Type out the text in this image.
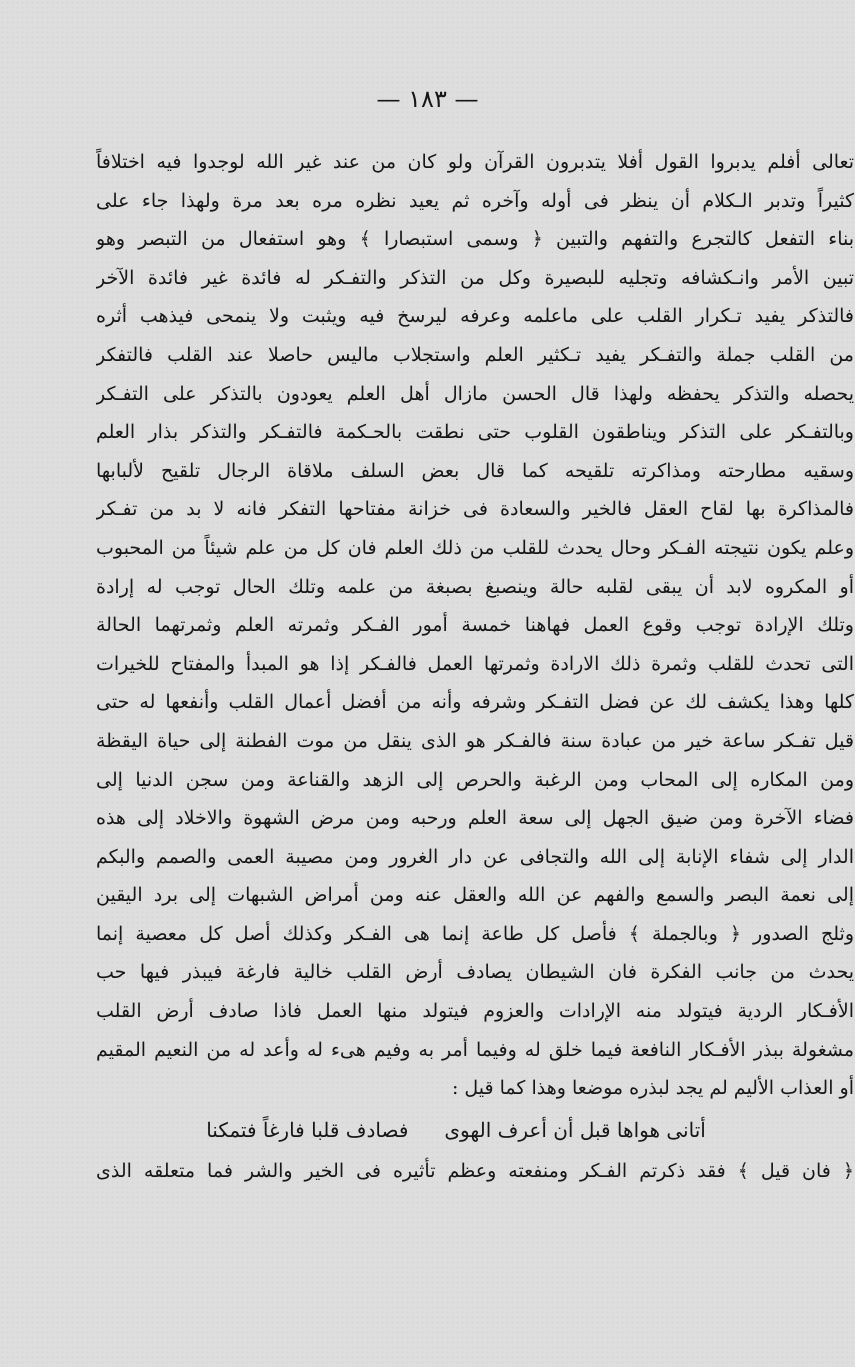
— ١٨٣ —
تعالى أفلم يدبروا القول أفلا يتدبرون القرآن ولو كان من عند غير الله لوجدوا فيه اختلافاً
كثيراً وتدبر الـكلام أن ينظر فى أوله وآخره ثم يعيد نظره مره بعد مرة ولهذا جاء على
بناء التفعل كالتجرع والتفهم والتبين ﴿ وسمى استبصارا ﴾ وهو استفعال من التبصر وهو
تبين الأمر وانـكشافه وتجليه للبصيرة وكل من التذكر والتفـكر له فائدة غير فائدة الآخر
فالتذكر يفيد تـكرار القلب على ماعلمه وعرفه ليرسخ فيه ويثبت ولا ينمحى فيذهب أثره
من القلب جملة والتفـكر يفيد تـكثير العلم واستجلاب ماليس حاصلا عند القلب فالتفكر
يحصله والتذكر يحفظه ولهذا قال الحسن مازال أهل العلم يعودون بالتذكر على التفـكر
وبالتفـكر على التذكر ويناطقون القلوب حتى نطقت بالحـكمة فالتفـكر والتذكر بذار العلم
وسقيه مطارحته ومذاكرته تلقيحه كما قال بعض السلف ملاقاة الرجال تلقيح لألبابها
فالمذاكرة بها لقاح العقل فالخير والسعادة فى خزانة مفتاحها التفكر فانه لا بد من تفـكر
وعلم يكون نتيجته الفـكر وحال يحدث للقلب من ذلك العلم فان كل من علم شيئاً من المحبوب
أو المكروه لابد أن يبقى لقلبه حالة وينصبغ بصبغة من علمه وتلك الحال توجب له إرادة
وتلك الإرادة توجب وقوع العمل فهاهنا خمسة أمور الفـكر وثمرته العلم وثمرتهما الحالة
التى تحدث للقلب وثمرة ذلك الارادة وثمرتها العمل فالفـكر إذا هو المبدأ والمفتاح للخيرات
كلها وهذا يكشف لك عن فضل التفـكر وشرفه وأنه من أفضل أعمال القلب وأنفعها له حتى
قيل تفـكر ساعة خير من عبادة سنة فالفـكر هو الذى ينقل من موت الفطنة إلى حياة اليقظة
ومن المكاره إلى المحاب ومن الرغبة والحرص إلى الزهد والقناعة ومن سجن الدنيا إلى
فضاء الآخرة ومن ضيق الجهل إلى سعة العلم ورحبه ومن مرض الشهوة والاخلاد إلى هذه
الدار إلى شفاء الإنابة إلى الله والتجافى عن دار الغرور ومن مصيبة العمى والصمم والبكم
إلى نعمة البصر والسمع والفهم عن الله والعقل عنه ومن أمراض الشبهات إلى برد اليقين
وثلج الصدور ﴿ وبالجملة ﴾ فأصل كل طاعة إنما هى الفـكر وكذلك أصل كل معصية إنما
يحدث من جانب الفكرة فان الشيطان يصادف أرض القلب خالية فارغة فيبذر فيها حب
الأفـكار الردية فيتولد منه الإرادات والعزوم فيتولد منها العمل فاذا صادف أرض القلب
مشغولة ببذر الأفـكار النافعة فيما خلق له وفيما أمر به وفيم هىء له وأعد له من النعيم المقيم
أو العذاب الأليم لم يجد لبذره موضعا وهذا كما قيل :
أتانى هواها قبل أن أعرف الهوى
فصادف قلبا فارغاً فتمكنا
﴿ فان قيل ﴾ فقد ذكرتم الفـكر ومنفعته وعظم تأثيره فى الخير والشر فما متعلقه الذى
